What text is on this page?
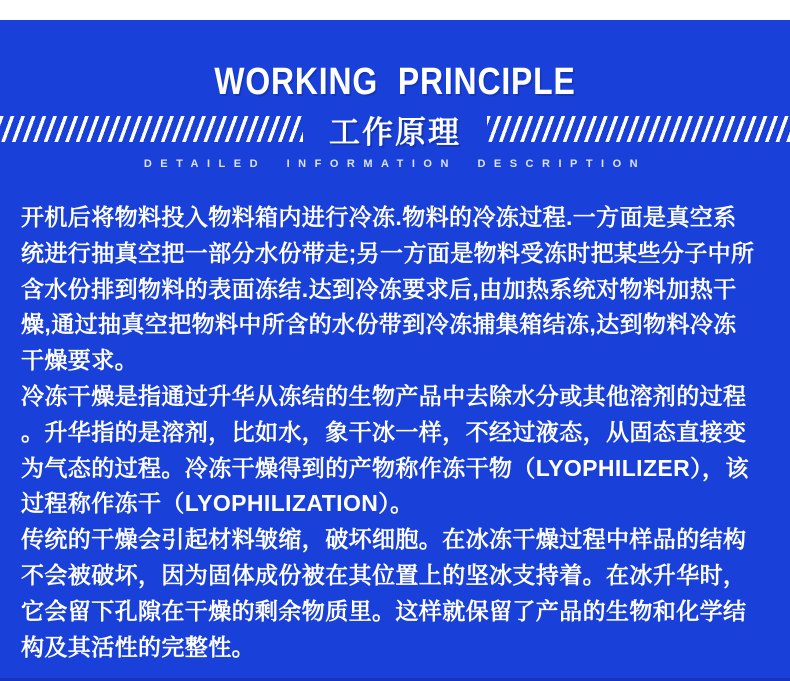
WORKING PRINCIPLE
工作原理
DETAILED INFORMATION DESCRIPTION
开机后将物料投入物料箱内进行冷冻.物料的冷冻过程.一方面是真空系
统进行抽真空把一部分水份带走;另一方面是物料受冻时把某些分子中所
含水份排到物料的表面冻结.达到冷冻要求后,由加热系统对物料加热干
燥,通过抽真空把物料中所含的水份带到冷冻捕集箱结冻,达到物料冷冻
干燥要求。
冷冻干燥是指通过升华从冻结的生物产品中去除水分或其他溶剂的过程
。升华指的是溶剂，比如水，象干冰一样，不经过液态，从固态直接变
为气态的过程。冷冻干燥得到的产物称作冻干物（LYOPHILIZER），该
过程称作冻干（LYOPHILIZATION）。
传统的干燥会引起材料皱缩，破坏细胞。在冰冻干燥过程中样品的结构
不会被破坏，因为固体成份被在其位置上的坚冰支持着。在冰升华时，
它会留下孔隙在干燥的剩余物质里。这样就保留了产品的生物和化学结
构及其活性的完整性。
